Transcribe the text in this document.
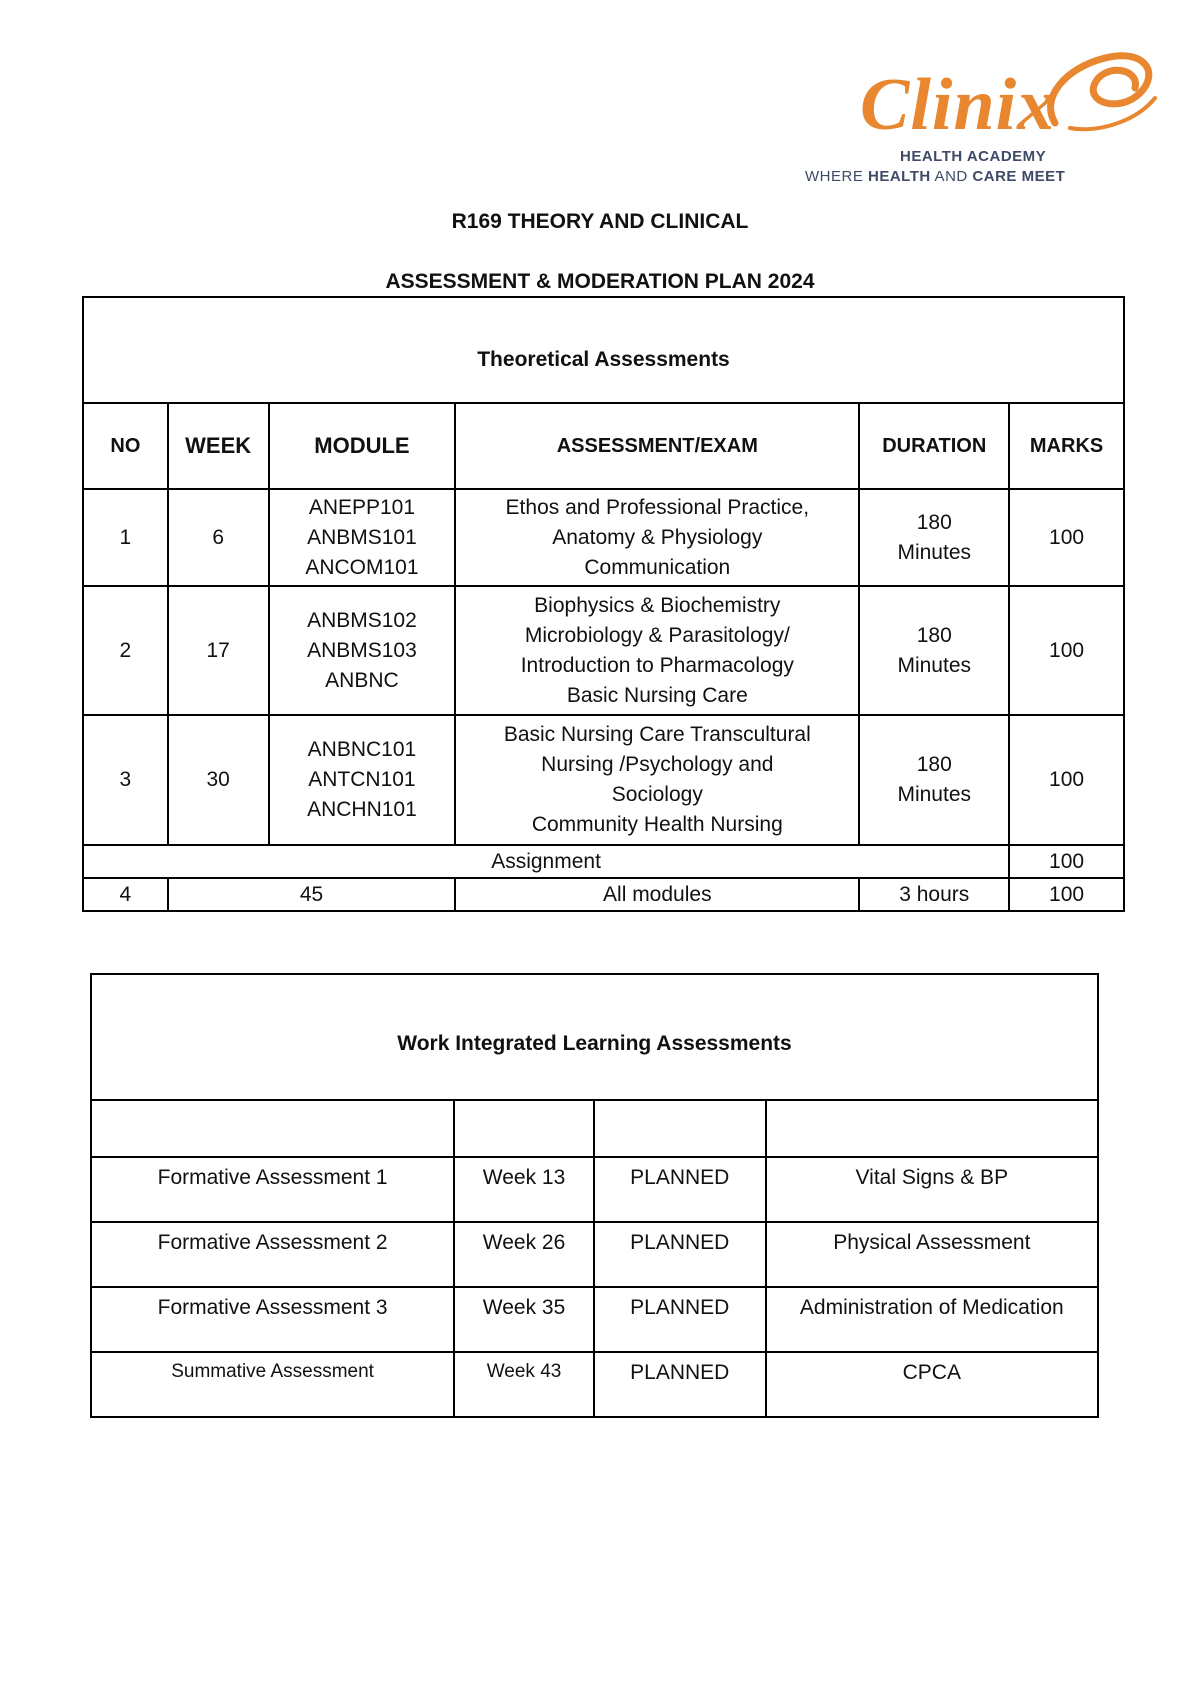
Clinix
HEALTH ACADEMY
WHERE HEALTH AND CARE MEET
R169 THEORY AND CLINICAL
ASSESSMENT & MODERATION PLAN 2024
Theoretical Assessments					
NO	WEEK	MODULE	ASSESSMENT/EXAM	DURATION	MARKS
1	6	ANEPP101
ANBMS101
ANCOM101	Ethos and Professional Practice,
Anatomy & Physiology
Communication	180
Minutes	100
2	17	ANBMS102
ANBMS103
ANBNC	Biophysics & Biochemistry
Microbiology & Parasitology/
Introduction to Pharmacology
Basic Nursing Care	180
Minutes	100
3	30	ANBNC101
ANTCN101
ANCHN101	Basic Nursing Care Transcultural
Nursing /Psychology and
Sociology
Community Health Nursing	180
Minutes	100
Assignment					100
4	45		All modules	3 hours	100
Work Integrated Learning Assessments			

Formative Assessment 1	Week 13	PLANNED	Vital Signs & BP
Formative Assessment 2	Week 26	PLANNED	Physical Assessment
Formative Assessment 3	Week 35	PLANNED	Administration of Medication
Summative Assessment	Week 43	PLANNED	CPCA
